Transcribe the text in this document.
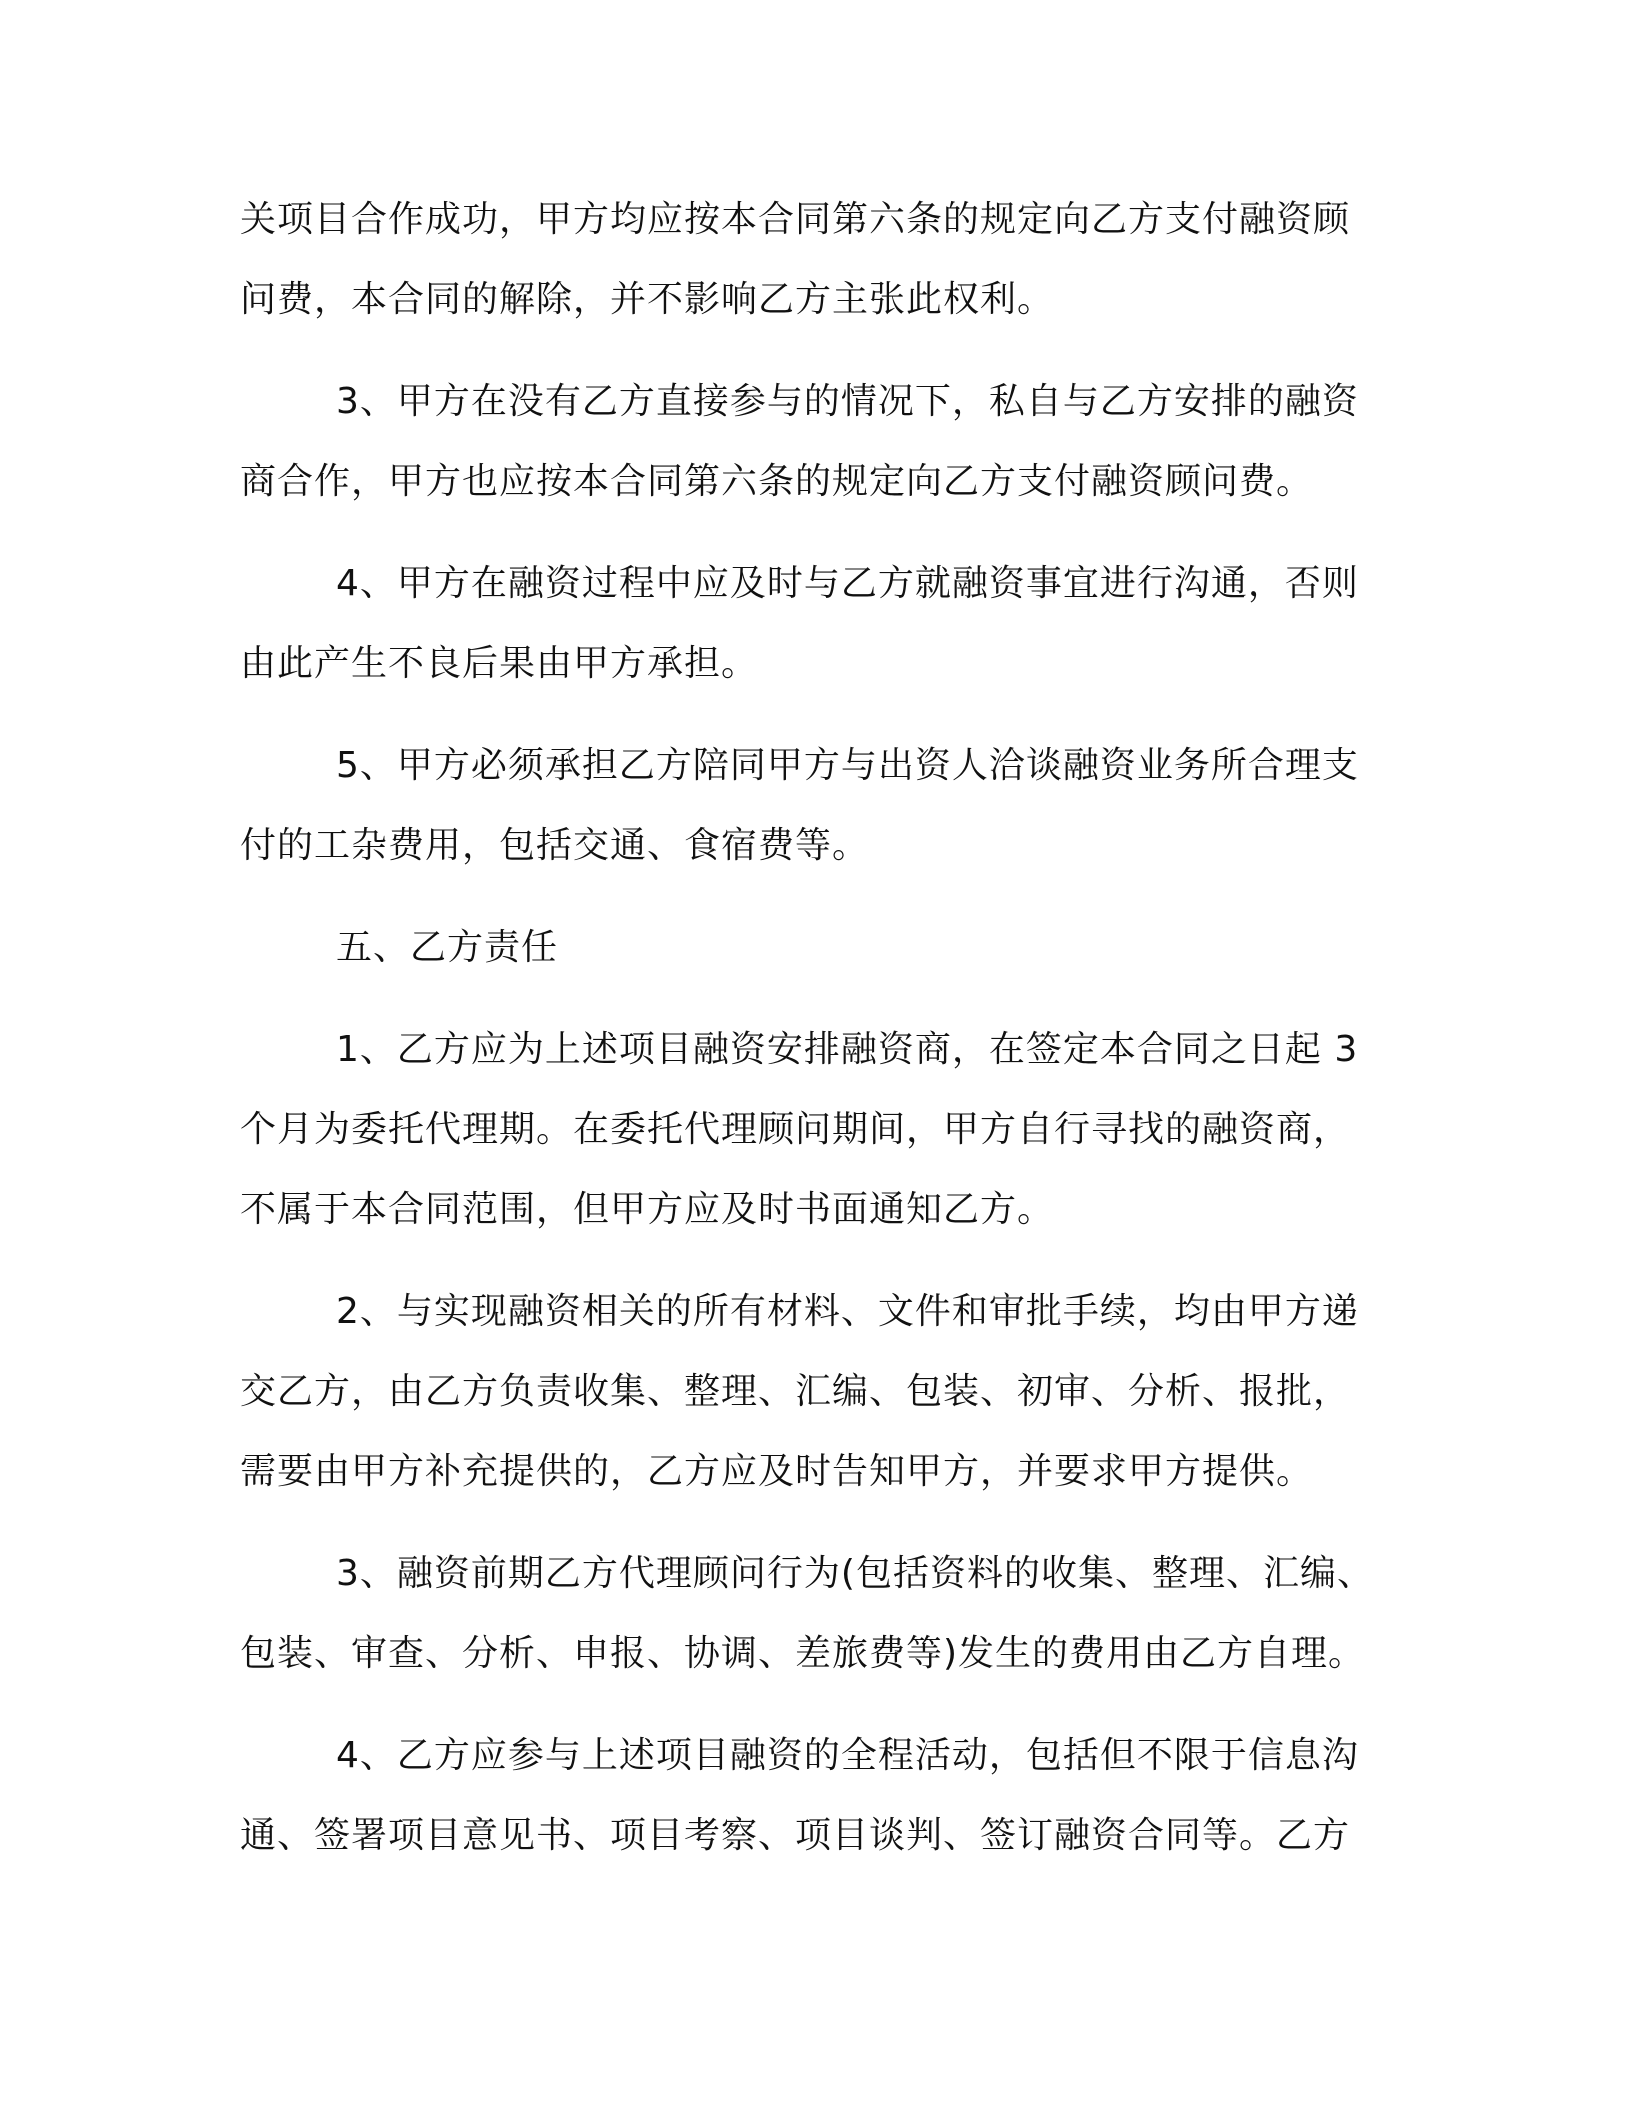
关项目合作成功，甲方均应按本合同第六条的规定向乙方支付融资顾
问费，本合同的解除，并不影响乙方主张此权利。

3、甲方在没有乙方直接参与的情况下，私自与乙方安排的融资
商合作，甲方也应按本合同第六条的规定向乙方支付融资顾问费。

4、甲方在融资过程中应及时与乙方就融资事宜进行沟通，否则
由此产生不良后果由甲方承担。

5、甲方必须承担乙方陪同甲方与出资人洽谈融资业务所合理支
付的工杂费用，包括交通、食宿费等。

五、乙方责任

1、乙方应为上述项目融资安排融资商，在签定本合同之日起 3
个月为委托代理期。在委托代理顾问期间，甲方自行寻找的融资商，
不属于本合同范围，但甲方应及时书面通知乙方。

2、与实现融资相关的所有材料、文件和审批手续，均由甲方递
交乙方，由乙方负责收集、整理、汇编、包装、初审、分析、报批，
需要由甲方补充提供的，乙方应及时告知甲方，并要求甲方提供。

3、融资前期乙方代理顾问行为(包括资料的收集、整理、汇编、
包装、审查、分析、申报、协调、差旅费等)发生的费用由乙方自理。

4、乙方应参与上述项目融资的全程活动，包括但不限于信息沟
通、签署项目意见书、项目考察、项目谈判、签订融资合同等。乙方
